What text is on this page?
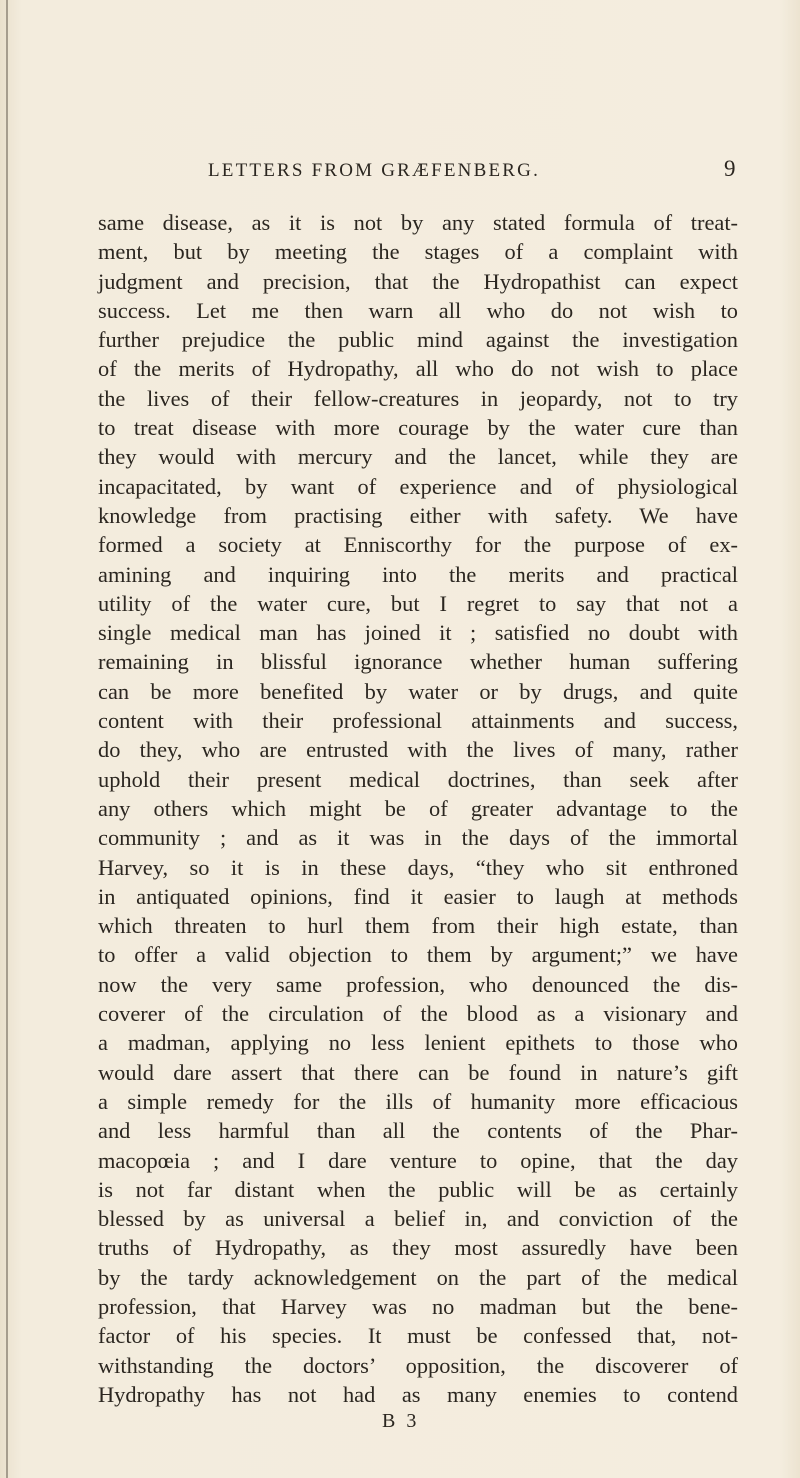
LETTERS FROM GRÆFENBERG.	9
same disease, as it is not by any stated formula of treat-
ment, but by meeting the stages of a complaint with
judgment and precision, that the Hydropathist can expect
success. Let me then warn all who do not wish to
further prejudice the public mind against the investigation
of the merits of Hydropathy, all who do not wish to place
the lives of their fellow-creatures in jeopardy, not to try
to treat disease with more courage by the water cure than
they would with mercury and the lancet, while they are
incapacitated, by want of experience and of physiological
knowledge from practising either with safety. We have
formed a society at Enniscorthy for the purpose of ex-
amining and inquiring into the merits and practical
utility of the water cure, but I regret to say that not a
single medical man has joined it ; satisfied no doubt with
remaining in blissful ignorance whether human suffering
can be more benefited by water or by drugs, and quite
content with their professional attainments and success,
do they, who are entrusted with the lives of many, rather
uphold their present medical doctrines, than seek after
any others which might be of greater advantage to the
community ; and as it was in the days of the immortal
Harvey, so it is in these days, “they who sit enthroned
in antiquated opinions, find it easier to laugh at methods
which threaten to hurl them from their high estate, than
to offer a valid objection to them by argument;” we have
now the very same profession, who denounced the dis-
coverer of the circulation of the blood as a visionary and
a madman, applying no less lenient epithets to those who
would dare assert that there can be found in nature’s gift
a simple remedy for the ills of humanity more efficacious
and less harmful than all the contents of the Phar-
macopœia ; and I dare venture to opine, that the day
is not far distant when the public will be as certainly
blessed by as universal a belief in, and conviction of the
truths of Hydropathy, as they most assuredly have been
by the tardy acknowledgement on the part of the medical
profession, that Harvey was no madman but the bene-
factor of his species. It must be confessed that, not-
withstanding the doctors’ opposition, the discoverer of
Hydropathy has not had as many enemies to contend
B 3
